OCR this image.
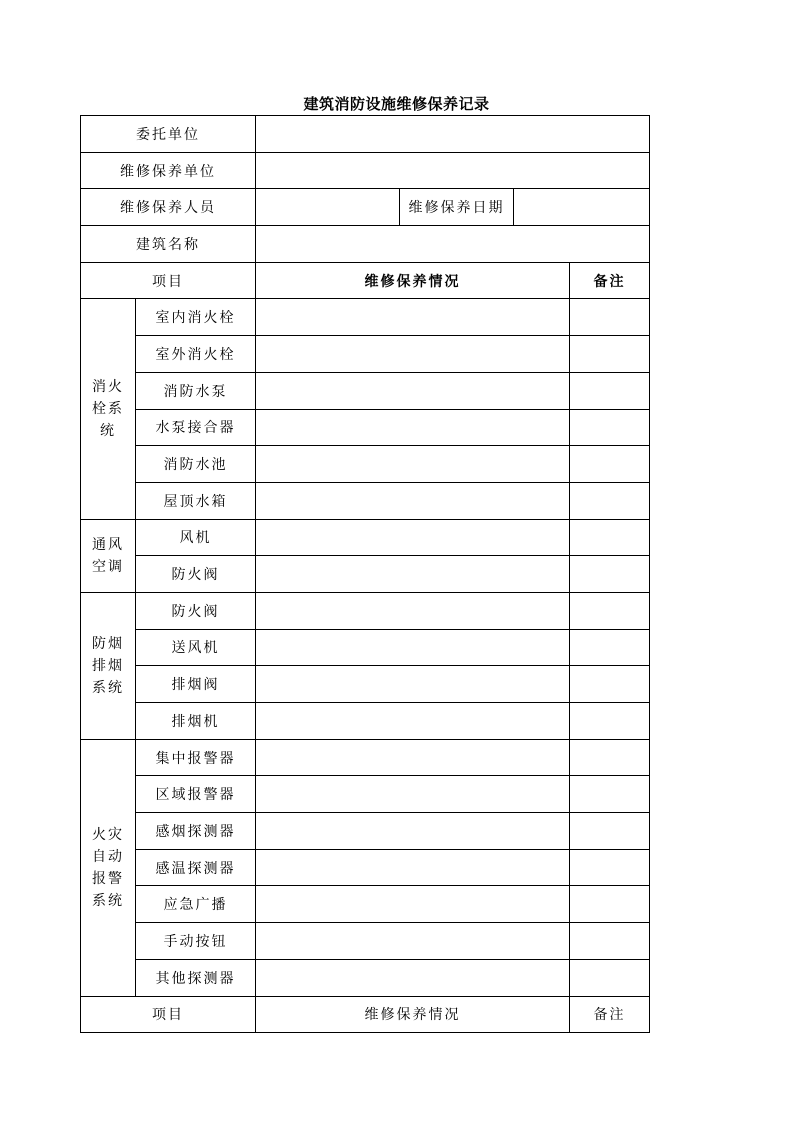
建筑消防设施维修保养记录
委托单位					
维修保养单位					
维修保养人员			维修保养日期		
建筑名称					
项目		维修保养情况			备注

消火
栓系
统	室内消火栓				
	室外消火栓				
	消防水泵				
	水泵接合器				
	消防水池				
	屋顶水箱				

通风
空调	风机				
	防火阀				

防烟
排烟
系统	防火阀				
	送风机				
	排烟阀				
	排烟机				

火灾
自动
报警
系统	集中报警器				
	区域报警器				
	感烟探测器				
	感温探测器				
	应急广播				
	手动按钮				
	其他探测器				
项目		维修保养情况			备注
